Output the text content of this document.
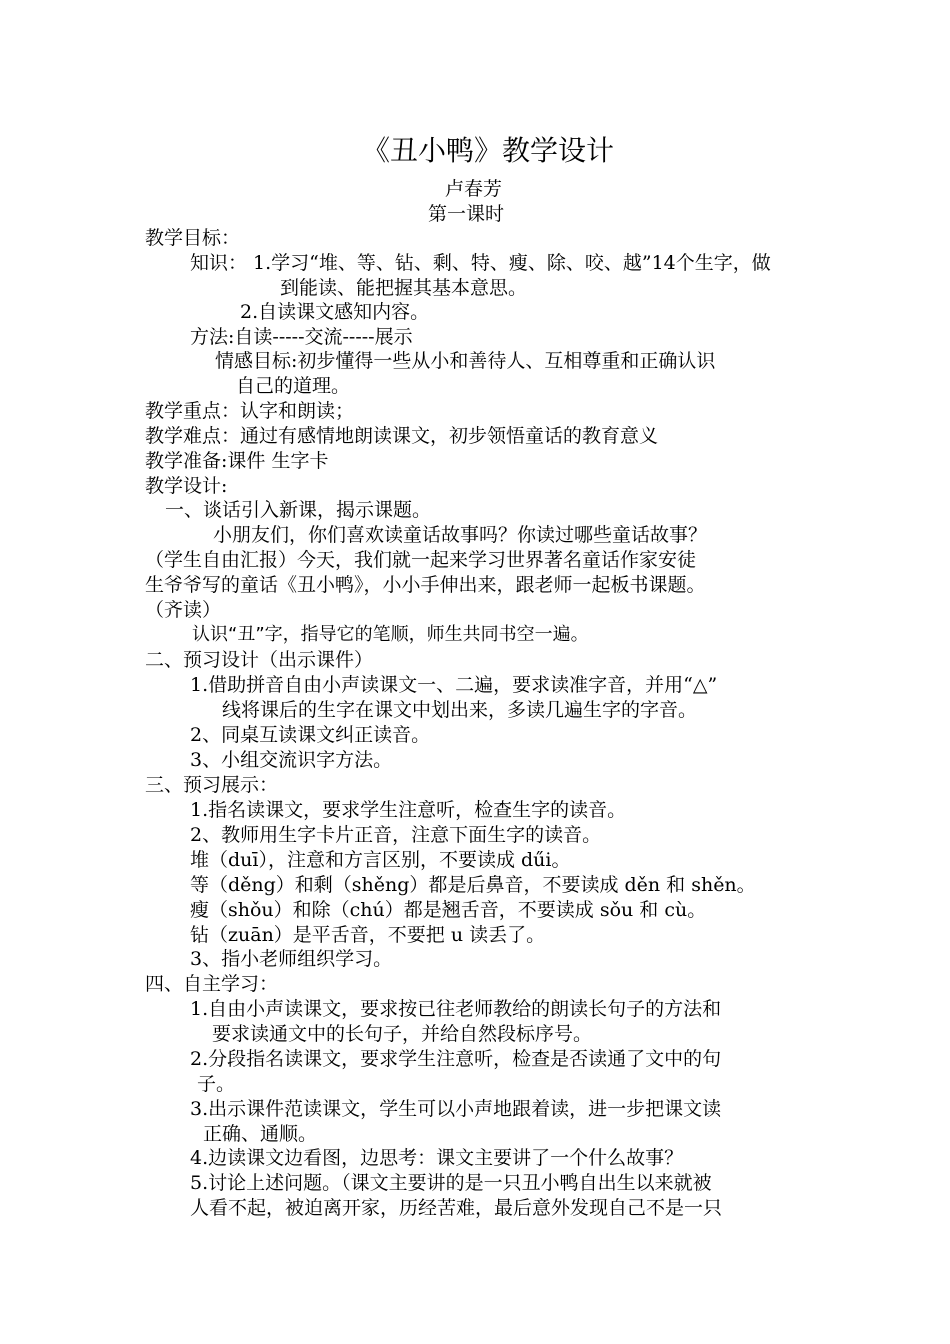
《丑小鸭》教学设计
卢春芳
第一课时
教学目标：
知识： 1.学习“堆、等、钻、剩、特、瘦、除、咬、越”14个生字，做
到能读、能把握其基本意思。
2.自读课文感知内容。
方法:自读-----交流-----展示
情感目标:初步懂得一些从小和善待人、互相尊重和正确认识
自己的道理。
教学重点：认字和朗读；
教学难点：通过有感情地朗读课文，初步领悟童话的教育意义
教学准备:课件 生字卡
教学设计:
一、谈话引入新课，揭示课题。
小朋友们，你们喜欢读童话故事吗？你读过哪些童话故事？
（学生自由汇报）今天，我们就一起来学习世界著名童话作家安徒
生爷爷写的童话《丑小鸭》，小小手伸出来，跟老师一起板书课题。
（齐读）
认识“丑”字，指导它的笔顺，师生共同书空一遍。
二、预习设计（出示课件）
1.借助拼音自由小声读课文一、二遍，要求读准字音，并用“△”
线将课后的生字在课文中划出来，多读几遍生字的字音。
2、同桌互读课文纠正读音。
3、小组交流识字方法。
三、预习展示：
1.指名读课文，要求学生注意听，检查生字的读音。
2、教师用生字卡片正音，注意下面生字的读音。
堆（duī），注意和方言区别，不要读成 dűi。
等（děng）和剩（shěng）都是后鼻音，不要读成 děn 和 shěn。
瘦（shǒu）和除（chú）都是翘舌音，不要读成 sǒu 和 cù。
钻（zuān）是平舌音，不要把 u 读丢了。
3、指小老师组织学习。
四、自主学习：
1.自由小声读课文，要求按已往老师教给的朗读长句子的方法和
要求读通文中的长句子，并给自然段标序号。
2.分段指名读课文，要求学生注意听，检查是否读通了文中的句
子。
3.出示课件范读课文，学生可以小声地跟着读，进一步把课文读
正确、通顺。
4.边读课文边看图，边思考：课文主要讲了一个什么故事？
5.讨论上述问题。（课文主要讲的是一只丑小鸭自出生以来就被
人看不起，被迫离开家，历经苦难，最后意外发现自己不是一只
